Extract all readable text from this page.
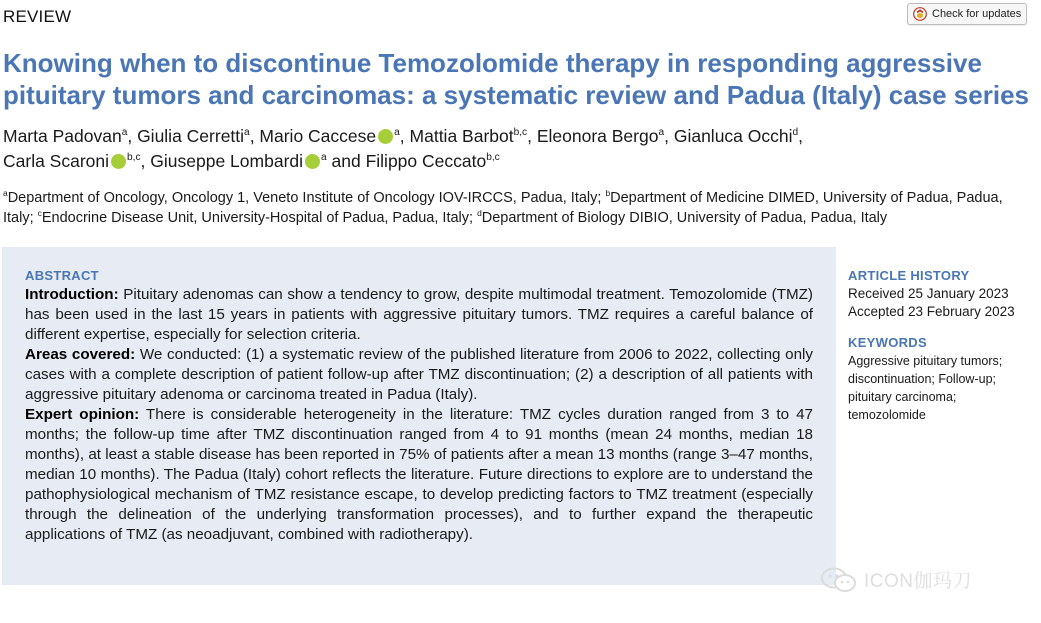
REVIEW	Check for updates
Knowing when to discontinue Temozolomide therapy in responding aggressive pituitary tumors and carcinomas: a systematic review and Padua (Italy) case series
Marta Padovan$^a$, Giulia Cerretti$^a$, Mario Caccese $^a$, Mattia Barbot$^{b,c}$, Eleonora Bergo$^a$, Gianluca Occhi$^d$,
Carla Scaroni $^{b,c}$, Giuseppe Lombardi $^a$ and Filippo Ceccato$^{b,c}$
$^a$Department of Oncology, Oncology 1, Veneto Institute of Oncology IOV-IRCCS, Padua, Italy; $^b$Department of Medicine DIMED, University of Padua, Padua, Italy; $^c$Endocrine Disease Unit, University-Hospital of Padua, Padua, Italy; $^d$Department of Biology DIBIO, University of Padua, Padua, Italy
ABSTRACT

Introduction: Pituitary adenomas can show a tendency to grow, despite multimodal treatment. Temozolomide (TMZ) has been used in the last 15 years in patients with aggressive pituitary tumors. TMZ requires a careful balance of different expertise, especially for selection criteria.

Areas covered: We conducted: (1) a systematic review of the published literature from 2006 to 2022, collecting only cases with a complete description of patient follow-up after TMZ discontinuation; (2) a description of all patients with aggressive pituitary adenoma or carcinoma treated in Padua (Italy).

Expert opinion: There is considerable heterogeneity in the literature: TMZ cycles duration ranged from 3 to 47 months; the follow-up time after TMZ discontinuation ranged from 4 to 91 months (mean 24 months, median 18 months), at least a stable disease has been reported in 75% of patients after a mean 13 months (range 3–47 months, median 10 months). The Padua (Italy) cohort reflects the literature. Future directions to explore are to understand the pathophysiological mechanism of TMZ resistance escape, to develop predicting factors to TMZ treatment (especially through the delineation of the underlying transformation processes), and to further expand the therapeutic applications of TMZ (as neoadjuvant, combined with radiotherapy).

ARTICLE HISTORY
Received 25 January 2023
Accepted 23 February 2023
KEYWORDS
Aggressive pituitary tumors;
discontinuation; Follow-up;
pituitary carcinoma;
temozolomide
ICON伽玛刀
